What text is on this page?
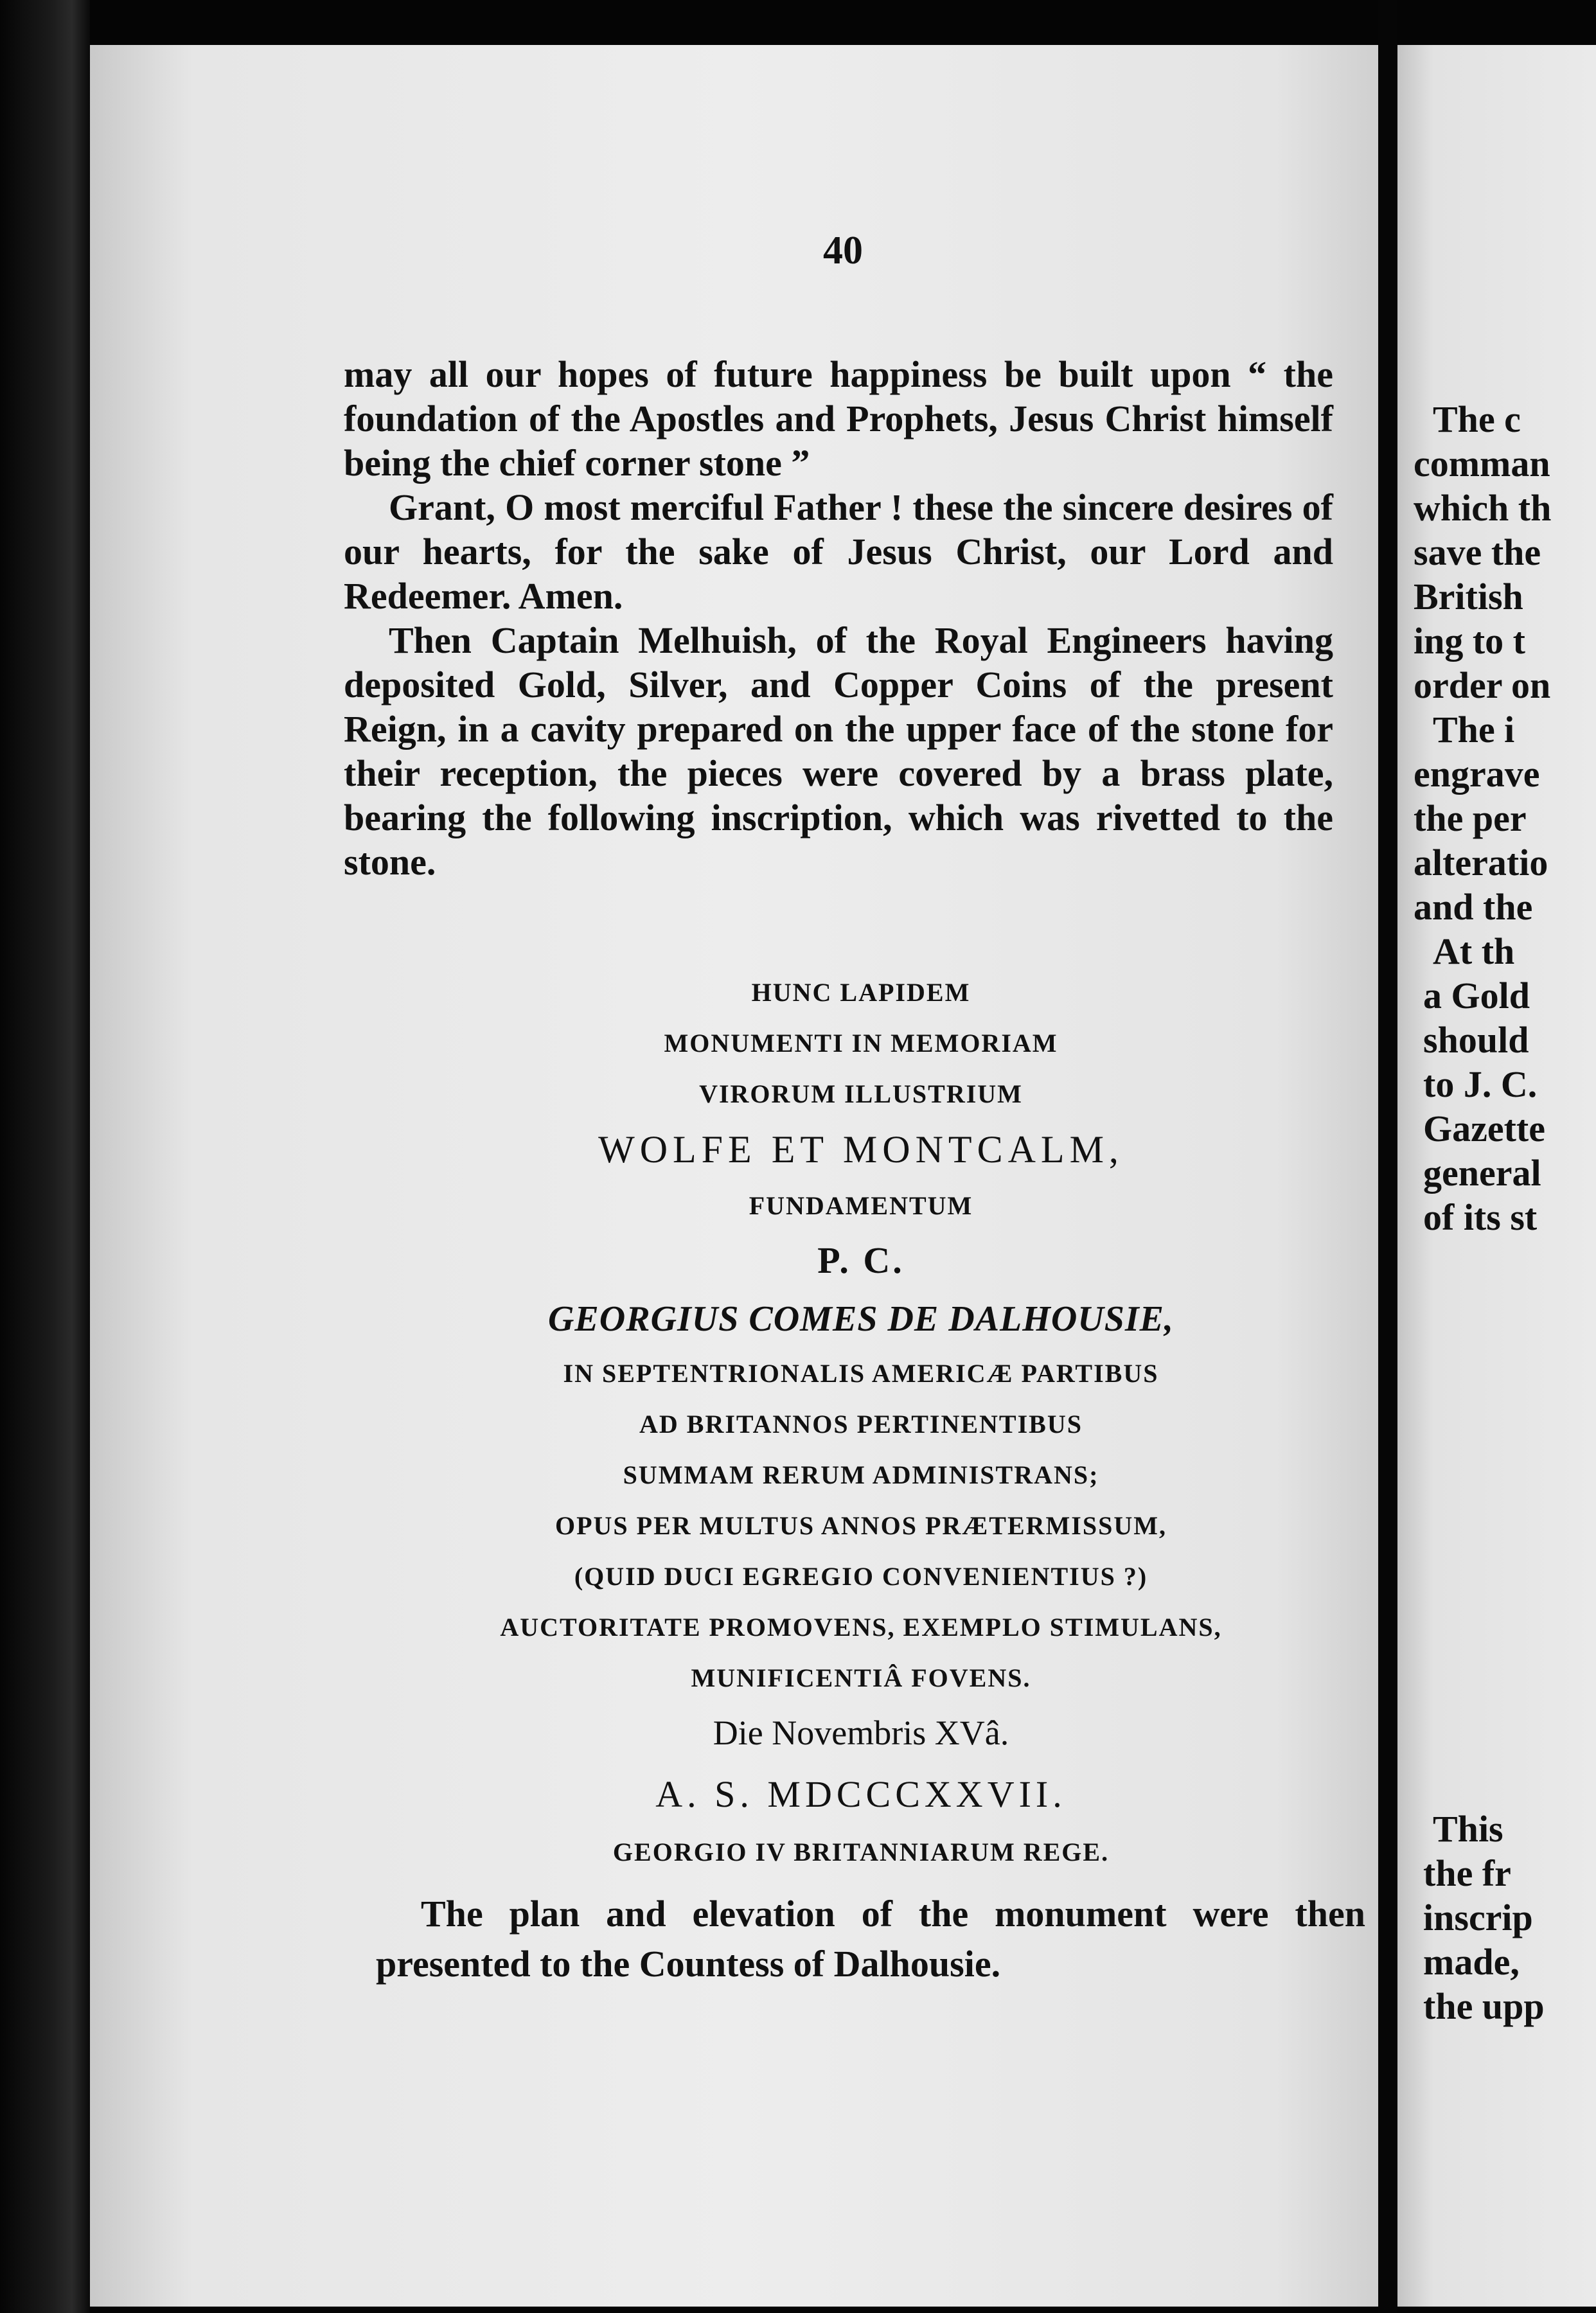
The c
comman
which th
save the
British
ing to t
order on
The i
engrave
the per
alteratio
and the
At th
a Gold
should
to J. C.
Gazette
general
of its st
This
the fr
inscrip
made,
the upp
40

may all our hopes of future happiness be built upon “ the foundation of the Apostles and Prophets, Jesus Christ himself being the chief corner stone ”

Grant, O most merciful Father ! these the sincere desires of our hearts, for the sake of Jesus Christ, our Lord and Redeemer. Amen.

Then Captain Melhuish, of the Royal Engineers having deposited Gold, Silver, and Copper Coins of the present Reign, in a cavity prepared on the upper face of the stone for their reception, the pieces were covered by a brass plate, bearing the following inscription, which was rivetted to the stone.

HUNC LAPIDEM
MONUMENTI IN MEMORIAM
VIRORUM ILLUSTRIUM
WOLFE ET MONTCALM,
FUNDAMENTUM
P. C.
GEORGIUS COMES DE DALHOUSIE,
IN SEPTENTRIONALIS AMERICÆ PARTIBUS
AD BRITANNOS PERTINENTIBUS
SUMMAM RERUM ADMINISTRANS;
OPUS PER MULTUS ANNOS PRÆTERMISSUM,
(QUID DUCI EGREGIO CONVENIENTIUS ?)
AUCTORITATE PROMOVENS, EXEMPLO STIMULANS,
MUNIFICENTIÂ FOVENS.
Die Novembris XVâ.
A. S. MDCCCXXVII.
GEORGIO IV BRITANNIARUM REGE.

The plan and elevation of the monument were then presented to the Countess of Dalhousie.
